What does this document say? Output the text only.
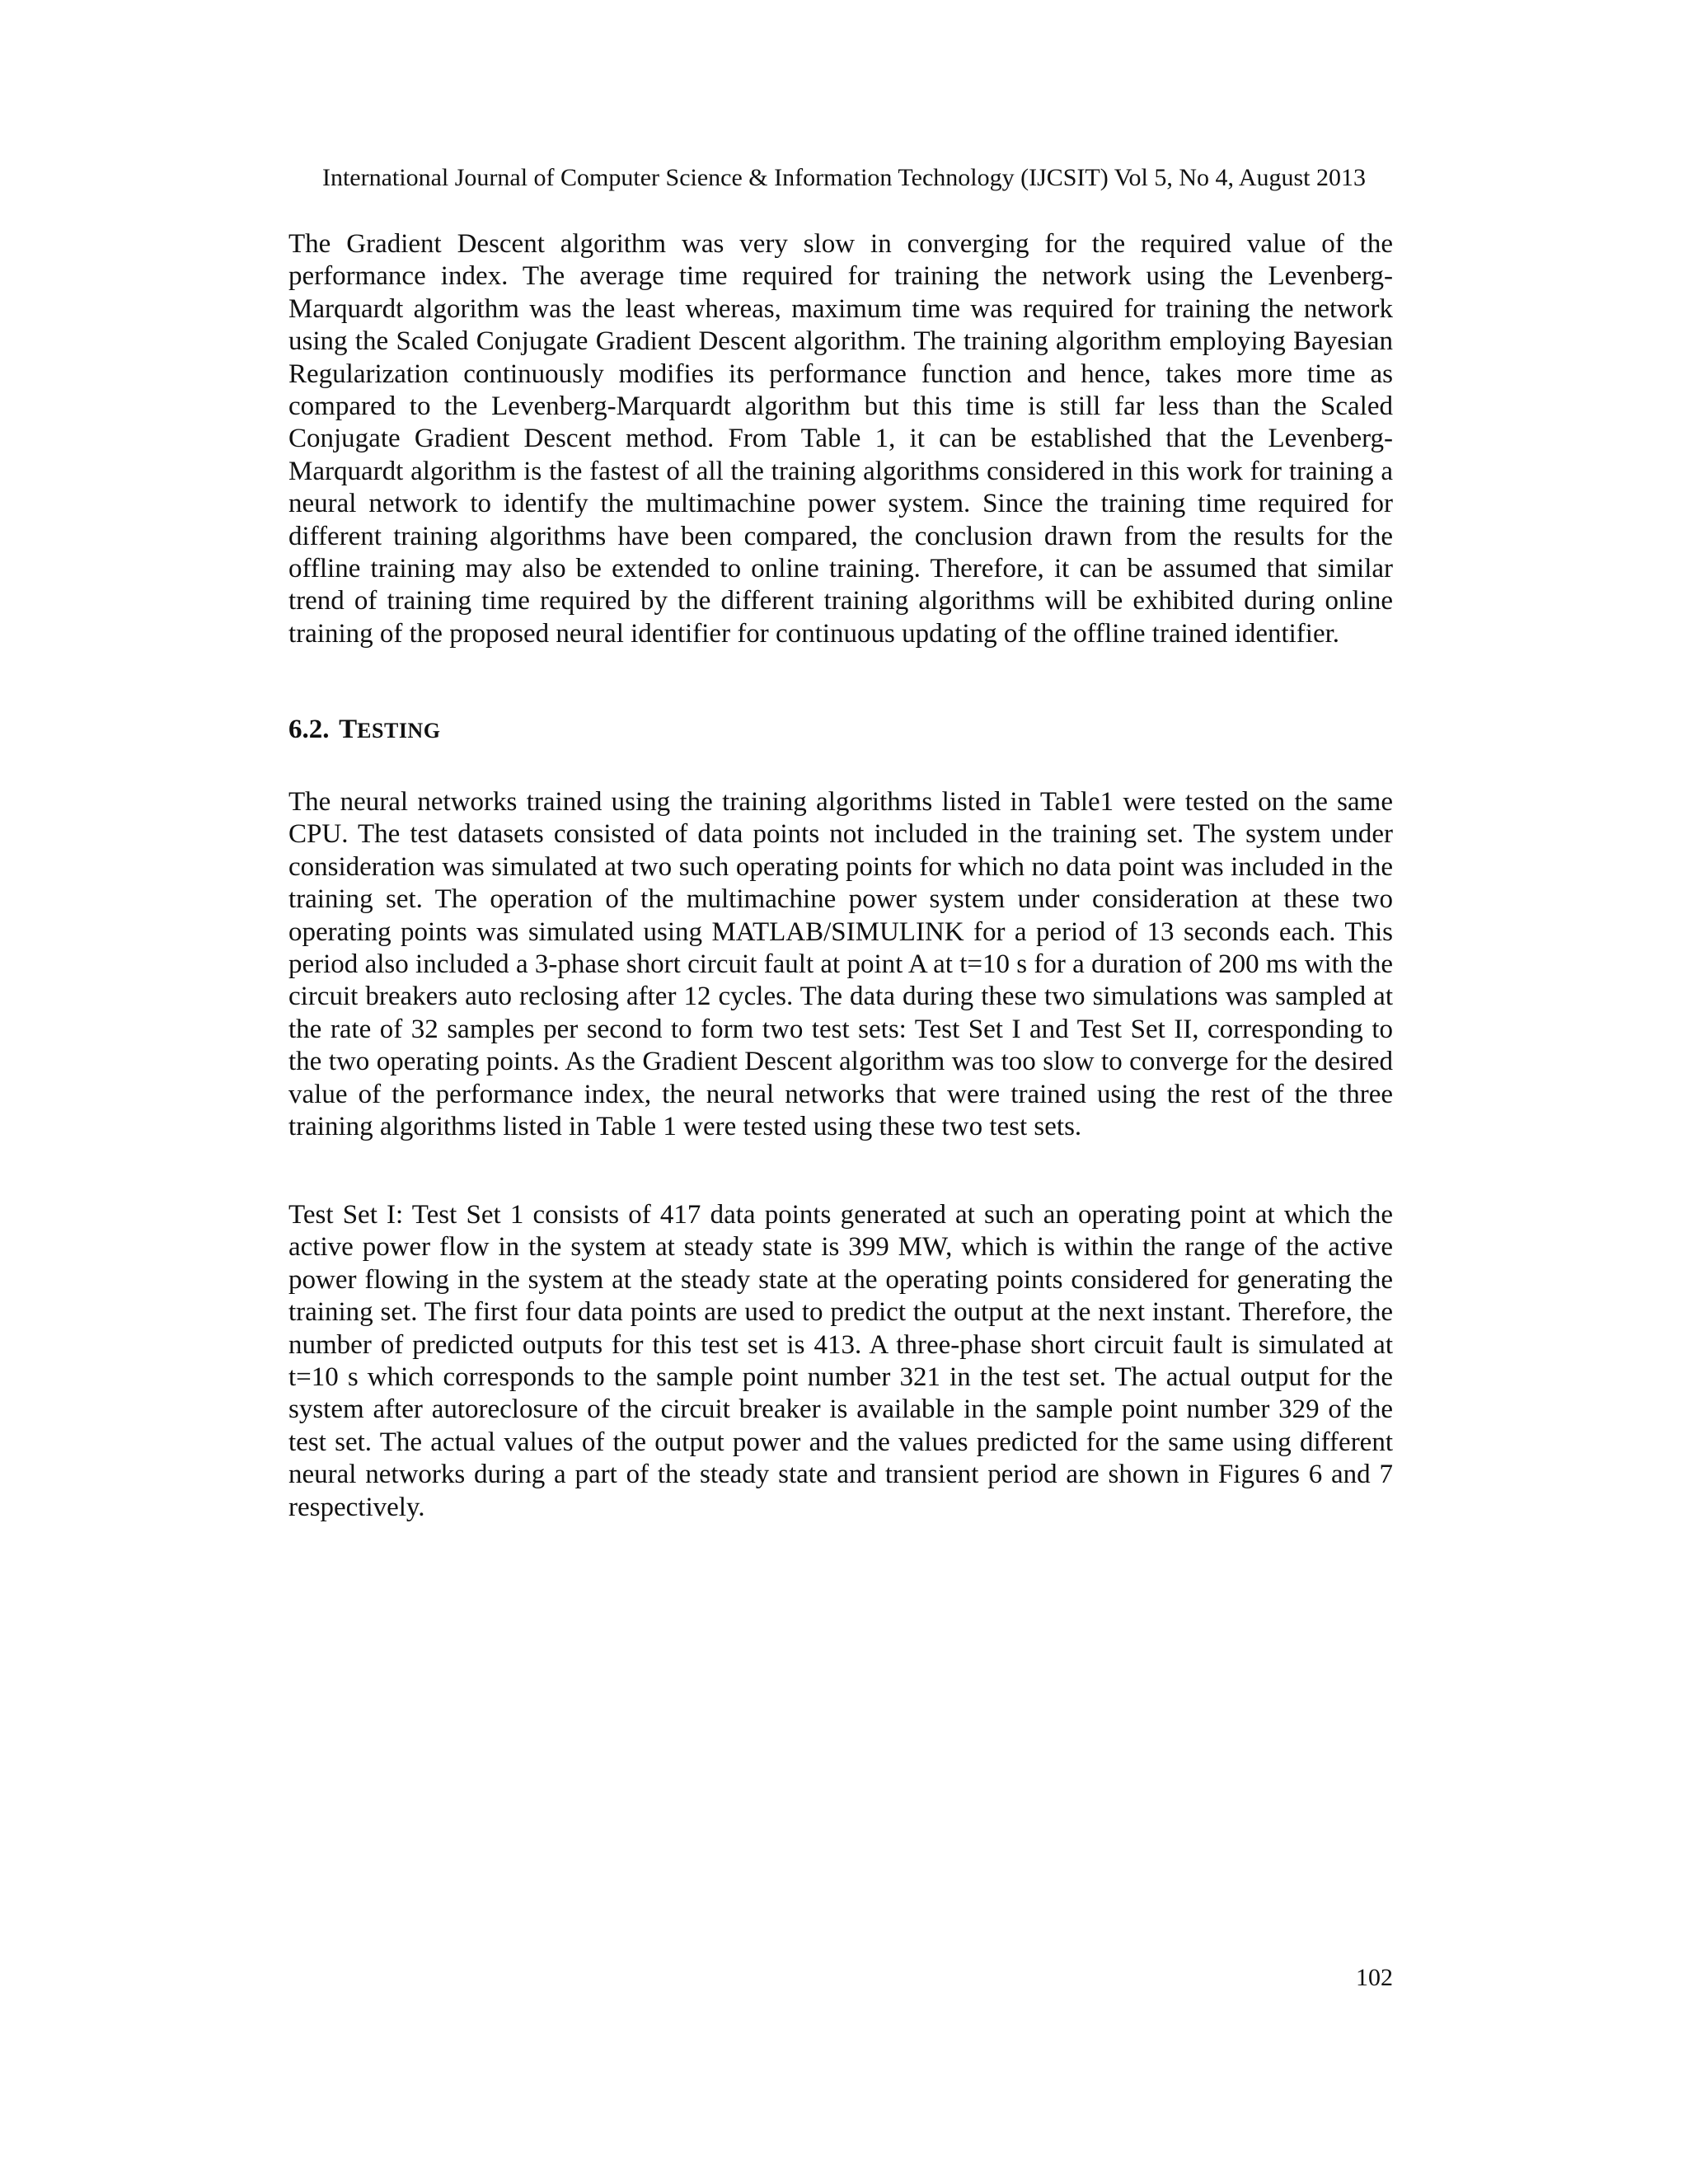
International Journal of Computer Science & Information Technology (IJCSIT) Vol 5, No 4, August 2013

The Gradient Descent algorithm was very slow in converging for the required value of the performance index. The average time required for training the network using the Levenberg-Marquardt algorithm was the least whereas, maximum time was required for training the network using the Scaled Conjugate Gradient Descent algorithm. The training algorithm employing Bayesian Regularization continuously modifies its performance function and hence, takes more time as compared to the Levenberg-Marquardt algorithm but this time is still far less than the Scaled Conjugate Gradient Descent method. From Table 1, it can be established that the Levenberg-Marquardt algorithm is the fastest of all the training algorithms considered in this work for training a neural network to identify the multimachine power system. Since the training time required for different training algorithms have been compared, the conclusion drawn from the results for the offline training may also be extended to online training. Therefore, it can be assumed that similar trend of training time required by the different training algorithms will be exhibited during online training of the proposed neural identifier for continuous updating of the offline trained identifier.

6.2. TESTING

The neural networks trained using the training algorithms listed in Table1 were tested on the same CPU. The test datasets consisted of data points not included in the training set. The system under consideration was simulated at two such operating points for which no data point was included in the training set. The operation of the multimachine power system under consideration at these two operating points was simulated using MATLAB/SIMULINK for a period of 13 seconds each. This period also included a 3-phase short circuit fault at point A at t=10 s for a duration of 200 ms with the circuit breakers auto reclosing after 12 cycles. The data during these two simulations was sampled at the rate of 32 samples per second to form two test sets: Test Set I and Test Set II, corresponding to the two operating points. As the Gradient Descent algorithm was too slow to converge for the desired value of the performance index, the neural networks that were trained using the rest of the three training algorithms listed in Table 1 were tested using these two test sets.

Test Set I: Test Set 1 consists of 417 data points generated at such an operating point at which the active power flow in the system at steady state is 399 MW, which is within the range of the active power flowing in the system at the steady state at the operating points considered for generating the training set. The first four data points are used to predict the output at the next instant. Therefore, the number of predicted outputs for this test set is 413. A three-phase short circuit fault is simulated at t=10 s which corresponds to the sample point number 321 in the test set. The actual output for the system after autoreclosure of the circuit breaker is available in the sample point number 329 of the test set. The actual values of the output power and the values predicted for the same using different neural networks during a part of the steady state and transient period are shown in Figures 6 and 7 respectively.

102
